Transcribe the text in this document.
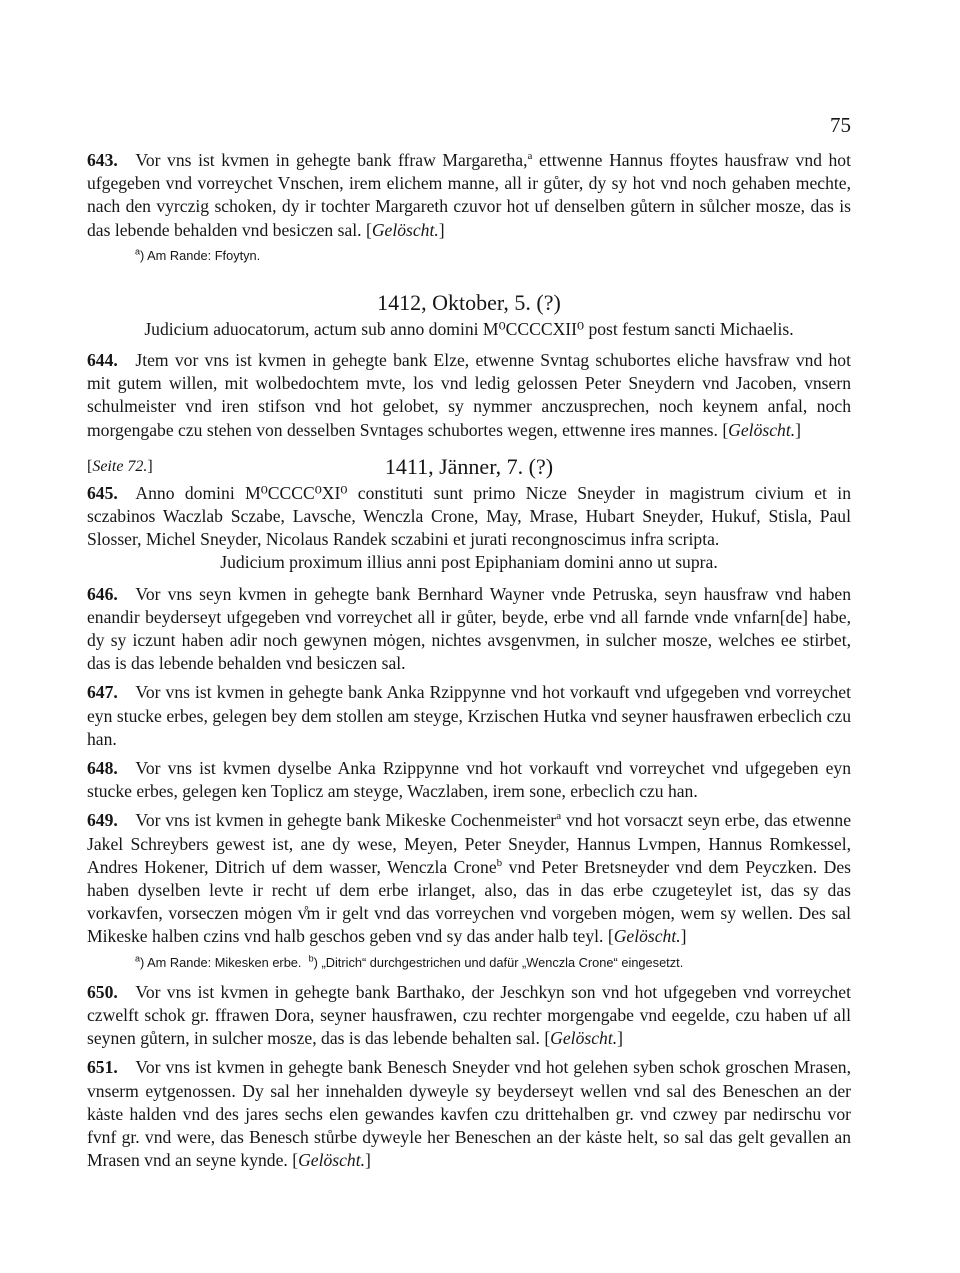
75

643. Vor vns ist kvmen in gehegte bank ffraw Margaretha,$^a$ ettwenne Hannus ffoytes hausfraw vnd hot ufgegeben vnd vorreychet Vnschen, irem elichem manne, all ir gůter, dy sy hot vnd noch gehaben mechte, nach den vyrczig schoken, dy ir tochter Margareth czuvor hot uf denselben gůtern in sůlcher mosze, das is das lebende behalden vnd besiczen sal. [Gelöscht.]

$^a$) Am Rande: Ffoytyn.
1412, Oktober, 5. (?)
Judicium aduocatorum, actum sub anno domini M⁰CCCCXII⁰ post festum sancti Michaelis.

644. Jtem vor vns ist kvmen in gehegte bank Elze, etwenne Svntag schubortes eliche havsfraw vnd hot mit gutem willen, mit wolbedochtem mvte, los vnd ledig gelossen Peter Sneydern vnd Jacoben, vnsern schulmeister vnd iren stifson vnd hot gelobet, sy nymmer anczusprechen, noch keynem anfal, noch morgengabe czu stehen von desselben Svntages schubortes wegen, ettwenne ires mannes. [Gelöscht.]

[Seite 72.]	1411, Jänner, 7. (?)

645. Anno domini M⁰CCCC⁰XI⁰ constituti sunt primo Nicze Sneyder in magistrum civium et in sczabinos Waczlab Sczabe, Lavsche, Wenczla Crone, May, Mrase, Hubart Sneyder, Hukuf, Stisla, Paul Slosser, Michel Sneyder, Nicolaus Randek sczabini et jurati recongnoscimus infra scripta.

Judicium proximum illius anni post Epiphaniam domini anno ut supra.

646. Vor vns seyn kvmen in gehegte bank Bernhard Wayner vnde Petruska, seyn hausfraw vnd haben enandir beyderseyt ufgegeben vnd vorreychet all ir gůter, beyde, erbe vnd all farnde vnde vnfarn[de] habe, dy sy iczunt haben adir noch gewynen mȯgen, nichtes avsgenvmen, in sulcher mosze, welches ee stirbet, das is das lebende behalden vnd besiczen sal.

647. Vor vns ist kvmen in gehegte bank Anka Rzippynne vnd hot vorkauft vnd ufgegeben vnd vorreychet eyn stucke erbes, gelegen bey dem stollen am steyge, Krzischen Hutka vnd seyner hausfrawen erbeclich czu han.

648. Vor vns ist kvmen dyselbe Anka Rzippynne vnd hot vorkauft vnd vorreychet vnd ufgegeben eyn stucke erbes, gelegen ken Toplicz am steyge, Waczlaben, irem sone, erbeclich czu han.

649. Vor vns ist kvmen in gehegte bank Mikeske Cochenmeister$^a$ vnd hot vorsaczt seyn erbe, das etwenne Jakel Schreybers gewest ist, ane dy wese, Meyen, Peter Sneyder, Hannus Lvmpen, Hannus Romkessel, Andres Hokener, Ditrich uf dem wasser, Wenczla Crone$^b$ vnd Peter Bretsneyder vnd dem Peyczken. Des haben dyselben levte ir recht uf dem erbe irlanget, also, das in das erbe czugeteylet ist, das sy das vorkavfen, vorseczen mȯgen v̊m ir gelt vnd das vorreychen vnd vorgeben mȯgen, wem sy wellen. Des sal Mikeske halben czins vnd halb geschos geben vnd sy das ander halb teyl. [Gelöscht.]

$^a$) Am Rande: Mikesken erbe. $^b$) „Ditrich“ durchgestrichen und dafür „Wenczla Crone“ eingesetzt.

650. Vor vns ist kvmen in gehegte bank Barthako, der Jeschkyn son vnd hot ufgegeben vnd vorreychet czwelft schok gr. ffrawen Dora, seyner hausfrawen, czu rechter morgengabe vnd eegelde, czu haben uf all seynen gůtern, in sulcher mosze, das is das lebende behalten sal. [Gelöscht.]

651. Vor vns ist kvmen in gehegte bank Benesch Sneyder vnd hot gelehen syben schok groschen Mrasen, vnserm eytgenossen. Dy sal her innehalden dyweyle sy beyderseyt wellen vnd sal des Beneschen an der kȧste halden vnd des jares sechs elen gewandes kavfen czu drittehalben gr. vnd czwey par nedirschu vor fvnf gr. vnd were, das Benesch stůrbe dyweyle her Beneschen an der kȧste helt, so sal das gelt gevallen an Mrasen vnd an seyne kynde. [Gelöscht.]
